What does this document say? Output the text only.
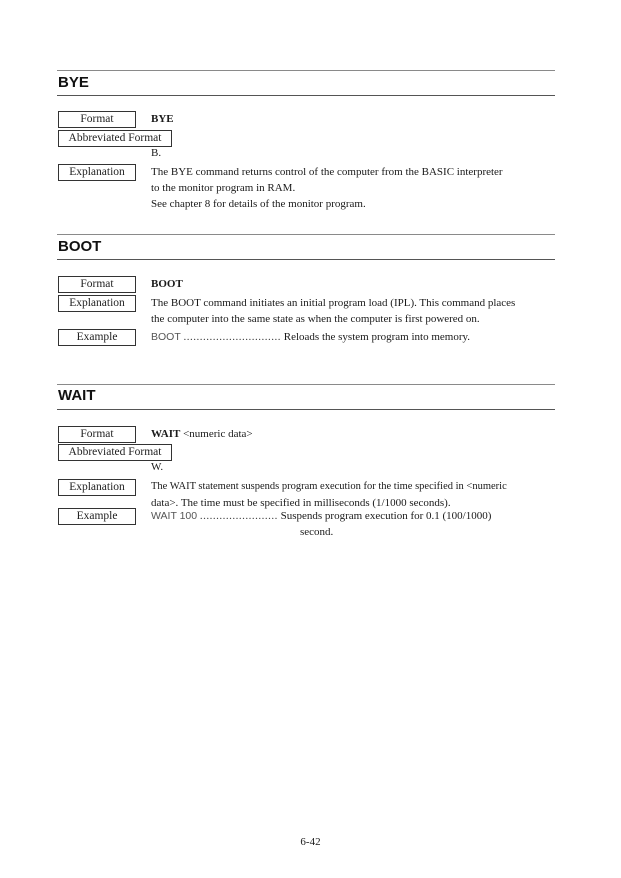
BYE
Format	BYE
Abbreviated Format
B.
Explanation	The BYE command returns control of the computer from the BASIC interpreter
to the monitor program in RAM.
See chapter 8 for details of the monitor program.
BOOT
Format	BOOT
Explanation	The BOOT command initiates an initial program load (IPL). This command places
the computer into the same state as when the computer is first powered on.
Example	BOOT .............................. Reloads the system program into memory.
WAIT
Format	WAIT <numeric data>
Abbreviated Format
W.
Explanation	The WAIT statement suspends program execution for the time specified in <numeric
data>. The time must be specified in milliseconds (1/1000 seconds).
Example	WAIT 100 ........................ Suspends program execution for 0.1 (100/1000)
second.
6-42
